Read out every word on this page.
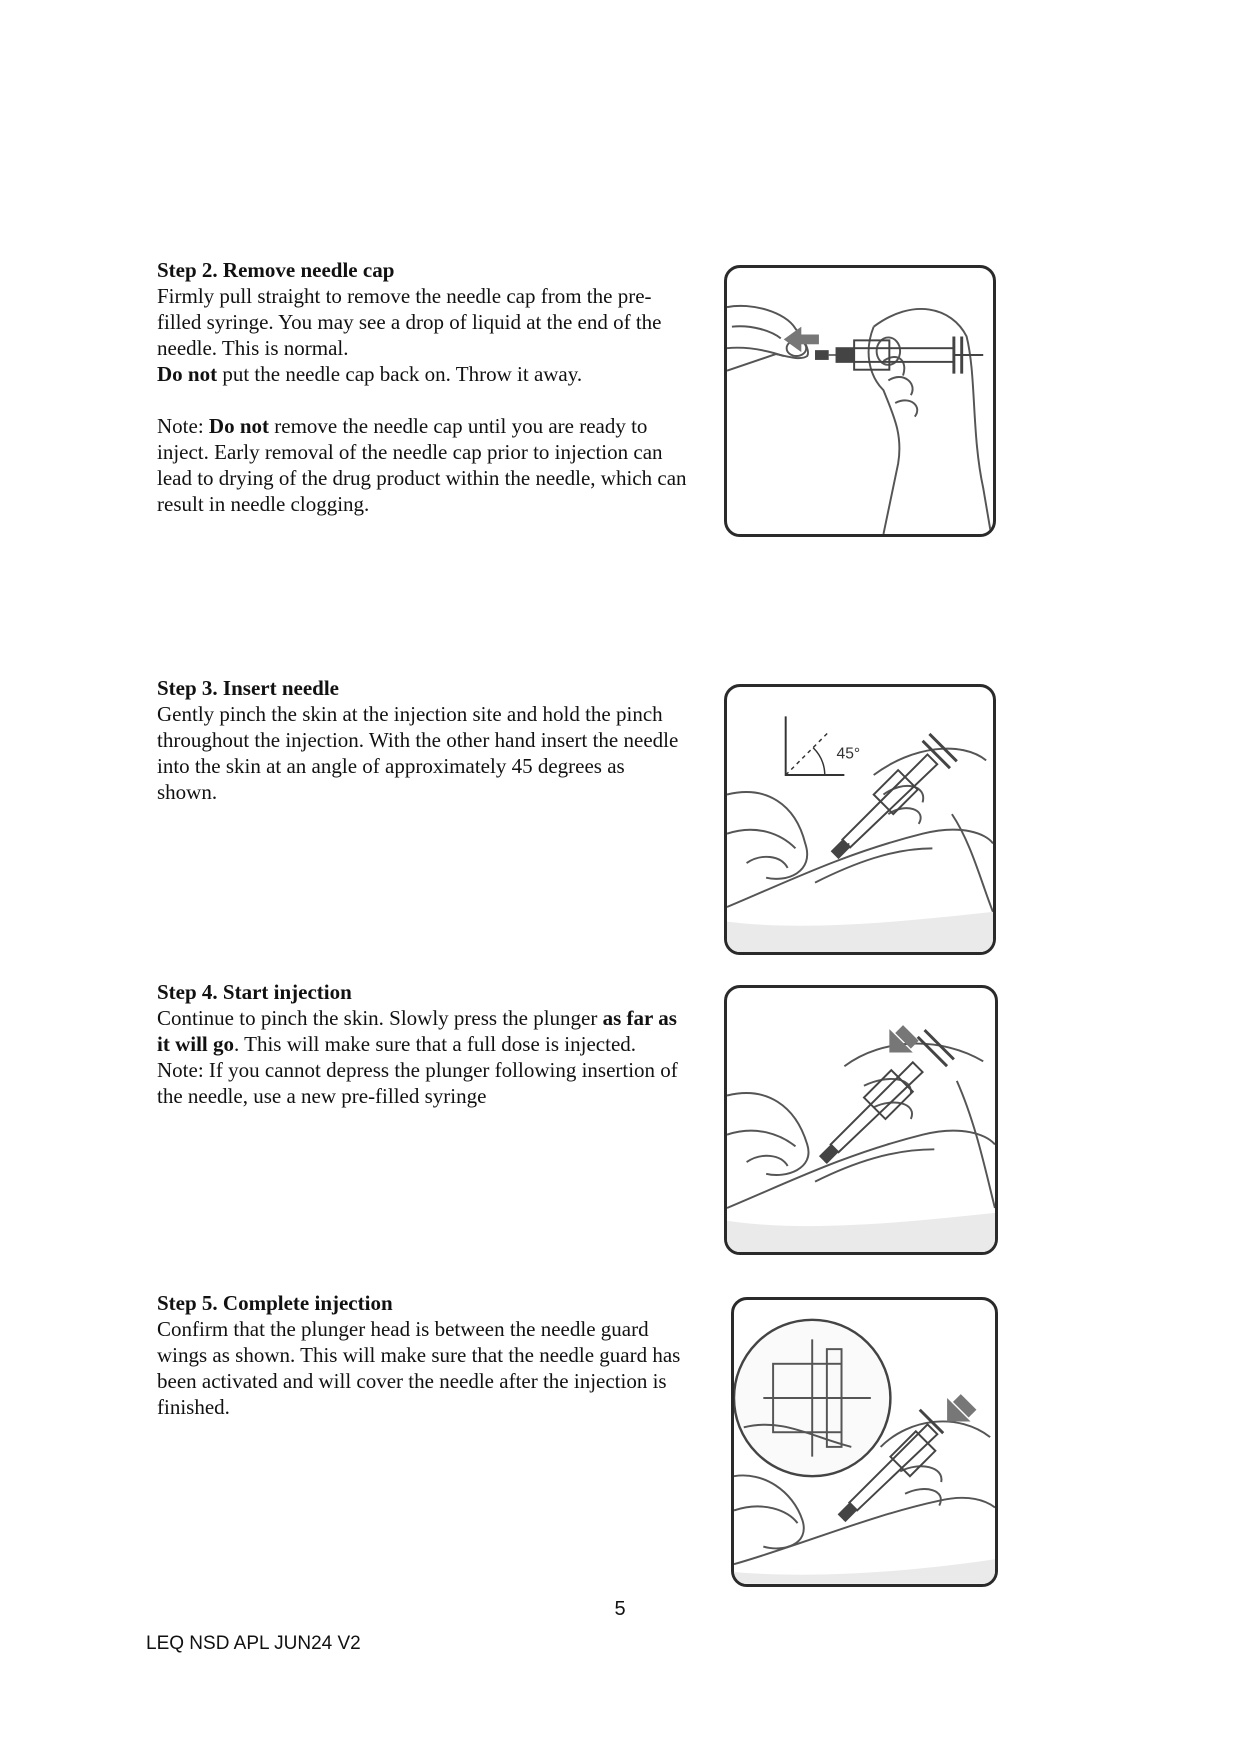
Step 2. Remove needle cap

Firmly pull straight to remove the needle cap from the pre-filled syringe. You may see a drop of liquid at the end of the needle. This is normal.

Do not put the needle cap back on. Throw it away.

Note: Do not remove the needle cap until you are ready to inject. Early removal of the needle cap prior to injection can lead to drying of the drug product within the needle, which can result in needle clogging.

Step 3. Insert needle

Gently pinch the skin at the injection site and hold the pinch throughout the injection. With the other hand insert the needle into the skin at an angle of approximately 45 degrees as shown.

45°

Step 4. Start injection

Continue to pinch the skin. Slowly press the plunger as far as it will go. This will make sure that a full dose is injected.

Note: If you cannot depress the plunger following insertion of the needle, use a new pre-filled syringe

Step 5. Complete injection

Confirm that the plunger head is between the needle guard wings as shown. This will make sure that the needle guard has been activated and will cover the needle after the injection is finished.

5
LEQ NSD APL JUN24 V2
